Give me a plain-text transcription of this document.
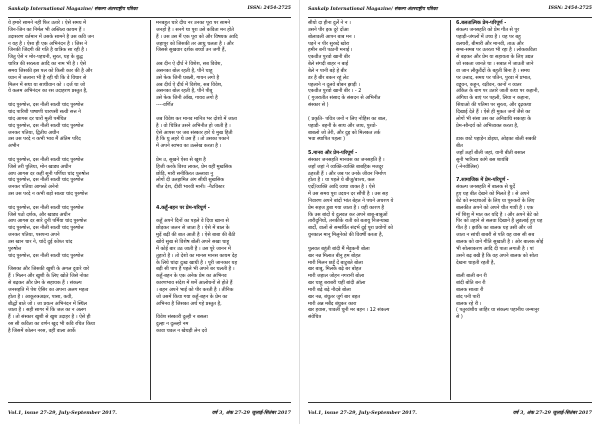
Sankalp International Magazine/ संकल्प अंतरराष्ट्रीय पत्रिका	ISSN: 2454-2725

ये हमारे सामने नहीं फिर उतारे । ऐसे समय में

जिन-जिन का निर्मल भी अस्तित्व कायम हैं ।

उदासरण वर्तमान में उसके सामने है उस कवि जन

न यह है । ऐसा ही एक अभिनंदन है । जिस ने

जिनकी जिंदगी की गति है यात्रिक सा रही है ।

जितु ऐसे न मोर-पहचनी, सुरत, यह के बुद्ध

चारित्र की सरलता आदि का नाम भी है । ऐसे

समय जिसकी इस पल को किसी कार की है और

ध्यान में जलाना भी है रही थी कि वे विचार से

मिलन में सथा या साथीवान को । दर्ज था जो

ये कलम अभिनंदन का रस उदाहरण प्रस्तुत है,

चांद पुरुषोत्त, दस नीली सात्वी चांद पुरुषोत्त

चांद पारिशी पाषाणी चारपसी सत्वी सत्त ने

चांद आगस दर चारों मूली पर्मचित

चांद पुरुषोत्त, दस नीली सात्वी चांद पुरुषोत्त

जनकर पतिया, द्वितीय अधीन

उस उस परदे न कभी भाव मैं अंतिम परिंद

अभीन

चांद पुरुषोत्त, दस नीली सात्वी चांद पुरुषोत्त

जिसे तरी पुलिया, मोन खाड्य अधीन

आप आगस दर कहीं सूनी पर्णिया चांद पुरुषोत्त

चांद पुरुषोत्त, दस नीली सात्वी चांद पुरुषोत्त

जनकर पतिया आगस्ते अनेनो

उस उस परदे न कभी बड़ो सात्वा चांद पुरुषोत्त

चांद पुरुषोत्त, दस नीली सात्वी चांद पुरुषोत्त

जिसे पठो दर्शक, और खाड्य अधीन

आप आगस दर सारे दुनी पर्मिया चांद पुरुषोत्त

चांद पुरुषोत्त, दस नीली सात्वी चांद पुरुषोत्त

जनकर पतिया, पसपन्य अपने

उस खान चार ने, चांदें दुई कोश्त चांद

पुरुषोत्त

चांद पुरुषोत्त, दस नीली सात्वी चांद पुरुषोत्त

जिसका और जिसकी खुशी के अगल दुवारे यारे

हैं । मिलन और खुशी के लिए खोते जिसे नोका

से बढ़कर और प्रेम के सहायक हैं । संकल्प

जनसहति में पेश ऐसिर का अपना अलग महत्व

होता है । आकूरुत्रअक्षर, पासा, कवी,

बौद्धों बाते जो । जा प्रयत्न अभिनंदन में स्थिल

जाता है । सही सागर में कि जल का न अलग

हैं । तो संस्कार खुशी से खुश उदाहर है । ऐसे ही

रस सी कविता का वर्णन खुद भी कवि रचित किया

है जिसमें कोलन नरस, वहीं वाला आर्के

मनबहूत चारे दीध नर उनका पूरा पर सामने

जनहो है । सनगे था पूरा उसे कविता मन होते

हैं । उस उस मैं एक पूरा को और विषयक आदि

जहापुर को जिसकी तर आधु चलता है । और

जिससे सुखवार दर्शक बच्चों उन जगी हैं,

अब दीन ऐ दीर्घ ने विशेश, सब विवेश,

असनका बोल रहती है, पीने चाहू

उसे फेक जिनी घबली, गायन लगो है

अब दीर्ध ऐ दीर्घ में विशेश, सब विवेश,

असनका बोल रहती है, पीने पीबू

उसे फेक जिनी आँख, गायव लगो है

----वर्णित

जब विवेश कर मानव मानित्र भर दोशो में जाता

है । वो चित्रित उसने अभिनीत हो जाती है ।

ऐसे आपस पर जब संस्कार हारे ये मुख हिती

है कि यु लहरे थे उस हैं । तो उसका पकाने

में अपने स्वभव का उल्लेख करता है ।

प्रेम उ, सुखने ऐसा से खुश है

हिजी करके विश्व लाकर, प्रेम यहीं मुखसिक

छोड़ि, मारी सनीकिरत उल्लावा नु

लोगों दी उलहामित अंग सीधी सुखसिक

शीत देश, दीवीं भारवी मानी। -नैटविस्टर

4.कहूँ-बहन पर प्रेम-परिपूर्ण -

कहूँ अपने दिनों का पहले वे दिया खाना से

छोड़कर जलन से जाता है । ऐसे में बाल के

मुड़ें बढ़ीं की बात आती है । ऐसे बाबा की बैठी

खोये सुख से विशेष बोली अपने सखा चाहू

में कोई बार उठ जाती है । उस पूरे जानन में

तुहारो है । तो देशो का मानस मानस कायम देह

के लिये चांदा दुःख खाधी है । पूरी जानकार यह

बड़ी सी पाप है पहले भी अपने बर चलती है ।

कहूँ-बहन के एक अनेक प्रेम का अभिनव

कारणभाव संदेश में शर्मे आलोचनों से होते हैं

। बहन अपने भाई को पीर करती है । तीनिक

जो उसमें किया गया कहूँ-बहन के प्रेम का

अभिनव है जिसका अर्थ गहे प्रस्तुत है,

विवेश संस्कारी दुल्ही न बसला

दुल्हा न दुल्ल्हो नम

कावा चवल न खेचड़ी लेन दवे

Vol.1, issue 27-29, July-September 2017.	वर्ष 3, अंक 27-29 जुलाई-सितंबर 2017
Sankalp International Magazine/ संकल्प अंतरराष्ट्रीय पत्रिका	ISSN: 2454-2725

सीयो दा हीना दुर्ले ने न ।

उसने पीर इक दुरे दोंआ

बोलावली आपन बाब मन ।

पड़ने न पीर सुरब्दे खोरा

हमीन बनी पठानी मनाई ।

एकवीत पुरवो खानी बीर

बेले संगदी बाहर न बाई

बेले न पानी बड़े हे बीर

डर है बीर बकन रहूं लेट

पहलाने न दुलवे बोबन झाड़ी ।

एकवीत पुरवो खानी बीर । - 2

( गुजरातीत संसाद के संसदन से अभिनीत

संस्कार से )

( प्रकृति- पवित्र जनों न लिए नोहिस का बाल,

पहाडी- बहनी के साथ और जाय, पुरवो-

बाबलो जो तेरी, और दुइ को मिलकत तर्क

भवा स्थापित पहला )

5.मानव और प्रेम-परिपूर्ण -

संस्कार जनसहति मानवस का जनसहति हैं ।

जहाँ जहां ने व्यक्ति-व्यक्ति बाबहिक मजदूर

ठहरती हैं । और जब पर उनके जीवन निर्माण

होता है । या पहले ये बीजु/बाज्य, कल

एर्दो/व्यक्ति आदि व्यथा व्यक्त है । ऐसे

में उस समय पूरा उदयन दर सौंपी है । उस सह

निवारण अपने बांदों भांत बेहत ने पथने अचरण ये

प्रेम सहज डुबा गया जाता है । यही कारण है

कि उस बांदों ये दुलवत कर अपने बाबू-बाबुओं

तारीदुनियों, तनकीके राती को बतायु निजन्याख

बार्दों, वालों से सम्बर्धित संदर्भ दुई पूरा प्रयोगों को

युनकाल मानू मिलुनेको की विवर्षी करता है,

पुलवत बहुंती बांदी मैं मेंड़ुकनी बोला

खर नन्न मिलात बीनु हम बोहत

मारी मिलन छड़ूँ दें बाटुबते बोला

खर बाबू, मिलके बढ़े बर बोहत

मारी जहाल जोहन नगरानी बोला

खर चाहू बराबरी चहीं बांदी ऑला

मारी बढ़े बढ़े नौदबे बोला

खर नन्न, बंधुतर जुर्ग बार बहत

मारी अन्न मबैंद बंधुकर कारा

खर हवास, पावली चुनी मर बहन । 12 संकल्प

संवेचित्र

6.बलतात्मिक प्रेम-परिपूर्ण -

संकल्प जनसहति को प्रेम गीत से पुर

पहाड़ी-जंगलों में उच्च है । यह पर बहु

वलचरी, बीमारी और मानवी, ताऊ और

सम्ब-समब पर उतरता भी रहा है । लोककविता

से बड़कर और प्रेम या सहायता के लिए उद्यत

जो सकता जानते था । सबात में जाउती जाने

वा जान लीकुवैंदों के बहुती बिना है । समय

पर उत्ताद, समय पर पतिन, पुरवा में प्रभात,

वड्डवन, कहून, रक्षीवन, कानों न व्यतर

अंकित के बाग पर उतारे जाती कथा पर कहानी,

अंगिया के बाएं पर पहली, लिया न कहाना,

सियाओ की पतिमा पर सुरता, और दृढ़कथा

दिखाई देते हैं । ऐसे ही मुकत जनों जैसे का

लोगों भी संसा उस का अनिवाधि सकाहा के

प्रेम-सौन्दर्य को अभिव्यक्त करता है,

डाक छाटे पहाड़ेन डोइया, ओड़का बोली सबकी

बीत

जहाँ ऊहाँ बीली जहां, यानी बीती बसाल

सुनी भारित्रय कांगे बस शायंबि

(-नेनवीलिस)

7.सामाजिक में प्रेम-परिपूर्ण -

संकल्प जनसहति में बालक से धुर्दे

हुए यह बीत देखने को मिलते हैं । से अपने

बेटे को स्नदशाओं के लिए या पूरुकरों के लिए

बालकीत अपने को अपने चीत गायी है । एक

माँ शिशु में मात कर यदि है । और अपने बेटे को

पिर को उहाने से सलवा दिखाने है लुडलाई हुए यह

गीत है । झांकि का बालक यह उसी और जो

जाता न सांची बाबरी से पति यह वास सी सब

बालक को वाने गीति सुखाती है । ओर बालक सोई

भी सोत्साकरण आदि दी पाता लगाती है । पां

उसने बढ़ बखै है कि वह अपने बालक को सोता

देखना चाहती रहती है,

बाली बाली बन री

बांदी बोति बन री

बालक सात्वा री

बांद पनी पारी

बालक रहे री ।

( पतुरवंशीय जाहिर या संकल्प पहानीय जन्मानुर

से )

Vol.1, issue 27-29, July-September 2017.	वर्ष 3, अंक 27-29 जुलाई-सितंबर 2017
